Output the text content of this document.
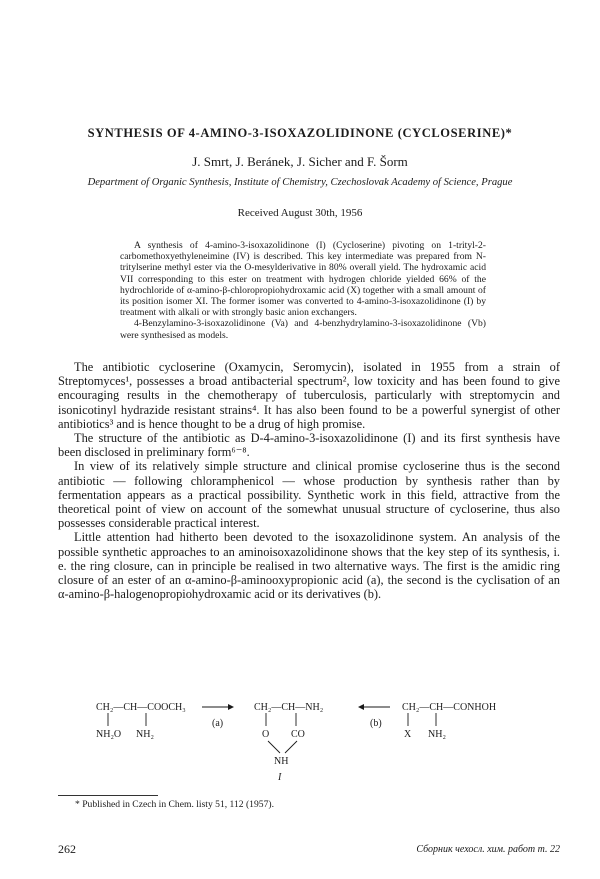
SYNTHESIS OF 4-AMINO-3-ISOXAZOLIDINONE (CYCLOSERINE)*
J. Smrt, J. Beránek, J. Sicher and F. Šorm
Department of Organic Synthesis, Institute of Chemistry, Czechoslovak Academy of Science, Prague
Received August 30th, 1956

A synthesis of 4-amino-3-isoxazolidinone (I) (Cycloserine) pivoting on 1-trityl-2-carbomethoxyethyleneimine (IV) is described. This key intermediate was prepared from N-tritylserine methyl ester via the O-mesylderivative in 80% overall yield. The hydroxamic acid VII corresponding to this ester on treatment with hydrogen chloride yielded 66% of the hydrochloride of α-amino-β-chloropropiohydroxamic acid (X) together with a small amount of its position isomer XI. The former isomer was converted to 4-amino-3-isoxazolidinone (I) by treatment with alkali or with strongly basic anion exchangers.

4-Benzylamino-3-isoxazolidinone (Va) and 4-benzhydrylamino-3-isoxazolidinone (Vb) were synthesised as models.

The antibiotic cycloserine (Oxamycin, Seromycin), isolated in 1955 from a strain of Streptomyces¹, possesses a broad antibacterial spectrum², low toxicity and has been found to give encouraging results in the chemotherapy of tuberculosis, particularly with streptomycin and isonicotinyl hydrazide resistant strains⁴. It has also been found to be a powerful synergist of other antibiotics³ and is hence thought to be a drug of high promise.

The structure of the antibiotic as D-4-amino-3-isoxazolidinone (I) and its first synthesis have been disclosed in preliminary form⁶⁻⁸.

In view of its relatively simple structure and clinical promise cycloserine thus is the second antibiotic — following chloramphenicol — whose production by synthesis rather than by fermentation appears as a practical possibility. Synthetic work in this field, attractive from the theoretical point of view on account of the somewhat unusual structure of cycloserine, thus also possesses considerable practical interest.

Little attention had hitherto been devoted to the isoxazolidinone system. An analysis of the possible synthetic approaches to an aminoisoxazolidinone shows that the key step of its synthesis, i. e. the ring closure, can in principle be realised in two alternative ways. The first is the amidic ring closure of an ester of an α-amino-β-aminooxypropionic acid (a), the second is the cyclisation of an α-amino-β-halogenopropiohydroxamic acid or its derivatives (b).

CH₂—CH—COOCH₃
NH₂O NH₂
(a)
CH₂—CH—NH₂
O CO
NH
I
(b)
CH₂—CH—CONHOH
X NH₂
* Published in Czech in Chem. listy 51, 112 (1957).
262	Сборник чехосл. хим. работ т. 22
